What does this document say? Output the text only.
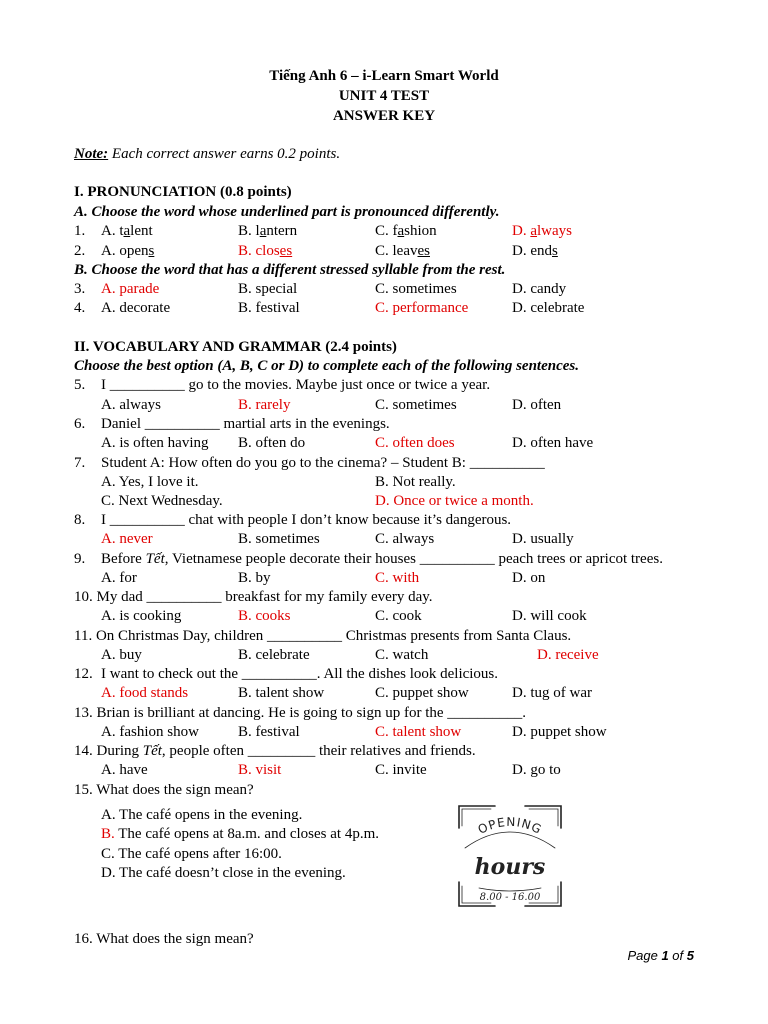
Tiếng Anh 6 – i-Learn Smart World
UNIT 4 TEST
ANSWER KEY
Note: Each correct answer earns 0.2 points.
I. PRONUNCIATION (0.8 points)
A. Choose the word whose underlined part is pronounced differently.
1. A. talent	B. lantern	C. fashion	D. always
2. A. opens	B. closes	C. leaves	D. ends
B. Choose the word that has a different stressed syllable from the rest.
3. A. parade	B. special	C. sometimes	D. candy
4. A. decorate	B. festival	C. performance	D. celebrate
II. VOCABULARY AND GRAMMAR (2.4 points)
Choose the best option (A, B, C or D) to complete each of the following sentences.
5. I __________ go to the movies. Maybe just once or twice a year.
A. always	B. rarely	C. sometimes	D. often
6. Daniel __________ martial arts in the evenings.
A. is often having B. often do	C. often does	D. often have
7. Student A: How often do you go to the cinema? – Student B: __________
A. Yes, I love it.	B. Not really.
C. Next Wednesday.	D. Once or twice a month.
8. I __________ chat with people I don’t know because it’s dangerous.
A. never	B. sometimes	C. always	D. usually
9. Before Tết, Vietnamese people decorate their houses __________ peach trees or apricot trees.
A. for	B. by	C. with	D. on
10. My dad __________ breakfast for my family every day.
A. is cooking	B. cooks	C. cook	D. will cook
11. On Christmas Day, children __________ Christmas presents from Santa Claus.
A. buy	B. celebrate	C. watch	D. receive
12. I want to check out the __________. All the dishes look delicious.
A. food stands	B. talent show	C. puppet show	D. tug of war
13. Brian is brilliant at dancing. He is going to sign up for the __________.
A. fashion show	B. festival	C. talent show	D. puppet show
14. During Tết, people often _________ their relatives and friends.
A. have	B. visit	C. invite	D. go to
15. What does the sign mean?
A. The café opens in the evening.
B. The café opens at 8a.m. and closes at 4p.m.
C. The café opens after 16:00.
D. The café doesn’t close in the evening.
OPENING
hours
8.00 - 16.00
16. What does the sign mean?
Page 1 of 5
